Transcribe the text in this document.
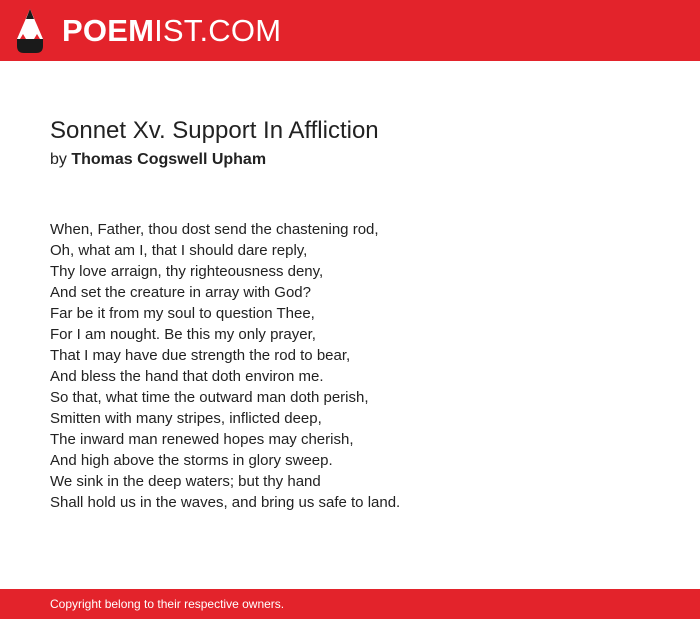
POEMIST.COM
Sonnet Xv. Support In Affliction
by Thomas Cogswell Upham
When, Father, thou dost send the chastening rod,
Oh, what am I, that I should dare reply,
Thy love arraign, thy righteousness deny,
And set the creature in array with God?
Far be it from my soul to question Thee,
For I am nought. Be this my only prayer,
That I may have due strength the rod to bear,
And bless the hand that doth environ me.
So that, what time the outward man doth perish,
Smitten with many stripes, inflicted deep,
The inward man renewed hopes may cherish,
And high above the storms in glory sweep.
We sink in the deep waters; but thy hand
Shall hold us in the waves, and bring us safe to land.
Copyright belong to their respective owners.
